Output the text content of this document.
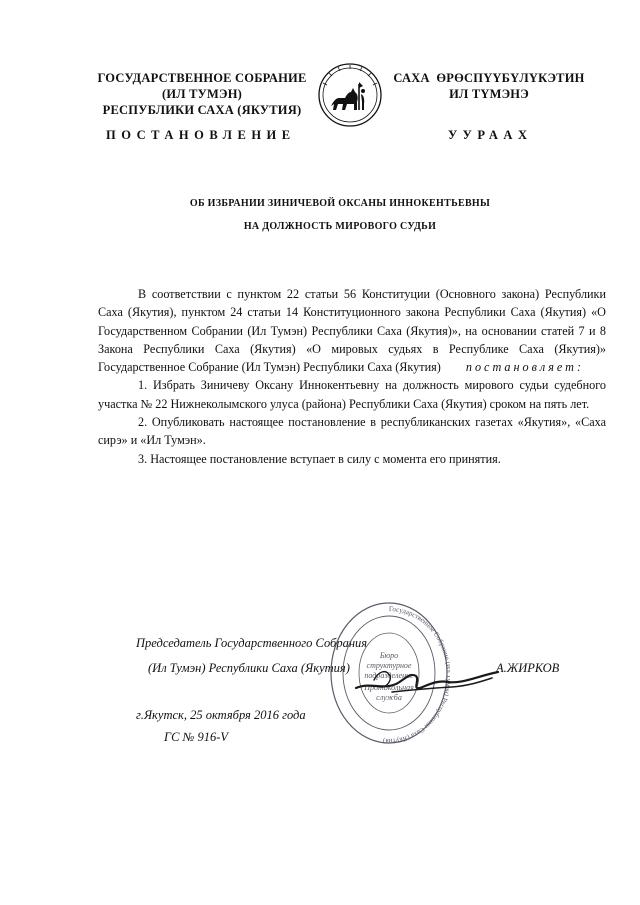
ГОСУДАРСТВЕННОЕ СОБРАНИЕ
(ИЛ ТУМЭН)
РЕСПУБЛИКИ САХА (ЯКУТИЯ)
САХА  ӨРӨСПҮҮБҮЛҮКЭТИН
ИЛ ТҮМЭНЭ
ПОСТАНОВЛЕНИЕ	УУРААХ
ОБ ИЗБРАНИИ ЗИНИЧЕВОЙ ОКСАНЫ ИННОКЕНТЬЕВНЫ
НА ДОЛЖНОСТЬ МИРОВОГО СУДЬИ

В соответствии с пунктом 22 статьи 56 Конституции (Основного закона) Республики Саха (Якутия), пунктом 24 статьи 14 Конституционного закона Республики Саха (Якутия) «О Государственном Собрании (Ил Тумэн) Республики Саха (Якутия)», на основании статей 7 и 8 Закона Республики Саха (Якутия) «О мировых судьях в Республике Саха (Якутия)» Государственное Собрание (Ил Тумэн) Республики Саха (Якутия) постановляет:

1. Избрать Зиничеву Оксану Иннокентьевну на должность мирового судьи судебного участка № 22 Нижнеколымского улуса (района) Республики Саха (Якутия) сроком на пять лет.

2. Опубликовать настоящее постановление в республиканских газетах «Якутия», «Саха сирэ» и «Ил Тумэн».

3. Настоящее постановление вступает в силу с момента его принятия.

Председатель Государственного Собрания
(Ил Тумэн) Республики Саха (Якутия)	А.ЖИРКОВ
г.Якутск, 25 октября 2016 года
ГС № 916-V
Бюро
структурное
подразделение
Протокольная
служба
Государственное Собрани ) Республики Саха (Якутия)
